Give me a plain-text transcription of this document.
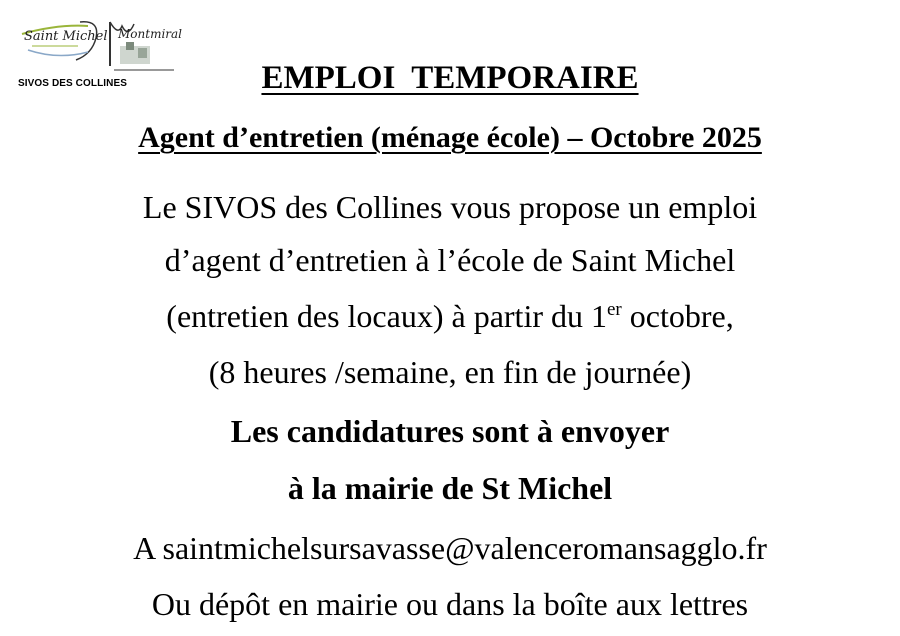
Saint Michel Montmiral
SIVOS DES COLLINES	EMPLOI  TEMPORAIRE
Agent d’entretien (ménage école) – Octobre 2025
Le SIVOS des Collines vous propose un emploi
d’agent d’entretien à l’école de Saint Michel
(entretien des locaux) à partir du 1er octobre,
(8 heures /semaine, en fin de journée)
Les candidatures sont à envoyer
à la mairie de St Michel
A saintmichelsursavasse@valenceromansagglo.fr
Ou dépôt en mairie ou dans la boîte aux lettres
